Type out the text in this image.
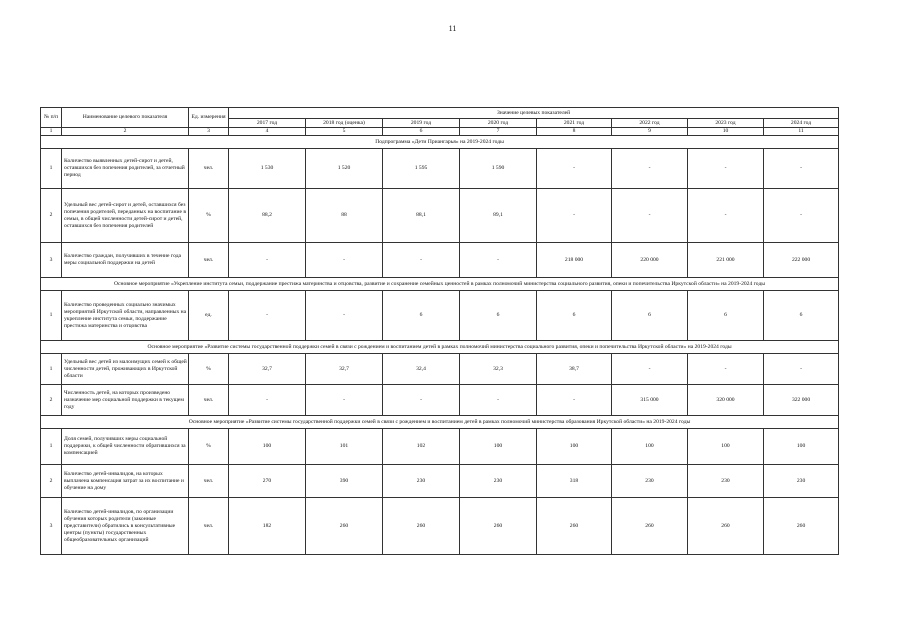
11
№ п/п	Наименование целевого показателя	Ед. измерения	Значение целевых показателей							
			2017 год	2018 год (оценка)	2019 год	2020 год	2021 год	2022 год	2023 год	2024 год
1	2	3	4	5	6	7	8	9	10	11
Подпрограмма «Дети Приангарья» на 2019-2024 годы										
1	Количество выявленных детей-сирот и детей, оставшихся без попечения родителей, за отчетный период	чел.	1 530	1 520	1 595	1 590	-	-	-	-
2	Удельный вес детей-сирот и детей, оставшихся без попечения родителей, переданных на воспитание в семьи, в общей численности детей-сирот и детей, оставшихся без попечения родителей	%	88,2	88	88,1	89,1	-	-	-	-
3	Количество граждан, получивших в течение года меры социальной поддержки на детей	чел.	-	-	-	-	218 000	220 000	221 000	222 000
Основное мероприятие «Укрепление института семьи, поддержание престижа материнства и отцовства, развитие и сохранение семейных ценностей в рамках полномочий министерства социального развития, опеки и попечительства Иркутской области» на 2019-2024 годы										
1	Количество проведенных социально значимых мероприятий Иркутской области, направленных на укрепление института семьи, поддержание престижа материнства и отцовства	ед.	-	-	6	6	6	6	6	6
Основное мероприятие «Развитие системы государственной поддержки семей в связи с рождением и воспитанием детей в рамках полномочий министерства социального развития, опеки и попечительства Иркутской области» на 2019-2024 годы										
1	Удельный вес детей из малоимущих семей к общей численности детей, проживающих в Иркутской области	%	32,7	32,7	32,4	32,3	38,7	-	-	-
2	Численность детей, на которых произведено назначение мер социальной поддержки в текущем году	чел.	-	-	-	-	-	315 000	320 000	322 000
Основное мероприятие «Развитие системы государственной поддержки семей в связи с рождением и воспитанием детей в рамках полномочий министерства образования Иркутской области» на 2019-2024 годы										
1	Доля семей, получивших меры социальной поддержки, к общей численности обратившихся за компенсацией	%	100	101	102	100	100	100	100	100
2	Количество детей-инвалидов, на которых выплачена компенсация затрат за их воспитание и обучение на дому	чел.	270	390	230	230	318	230	230	230
3	Количество детей-инвалидов, по организации обучения которых родители (законные представители) обратились в консультативные центры (пункты) государственных общеобразовательных организаций	чел.	182	260	260	260	260	260	260	260
